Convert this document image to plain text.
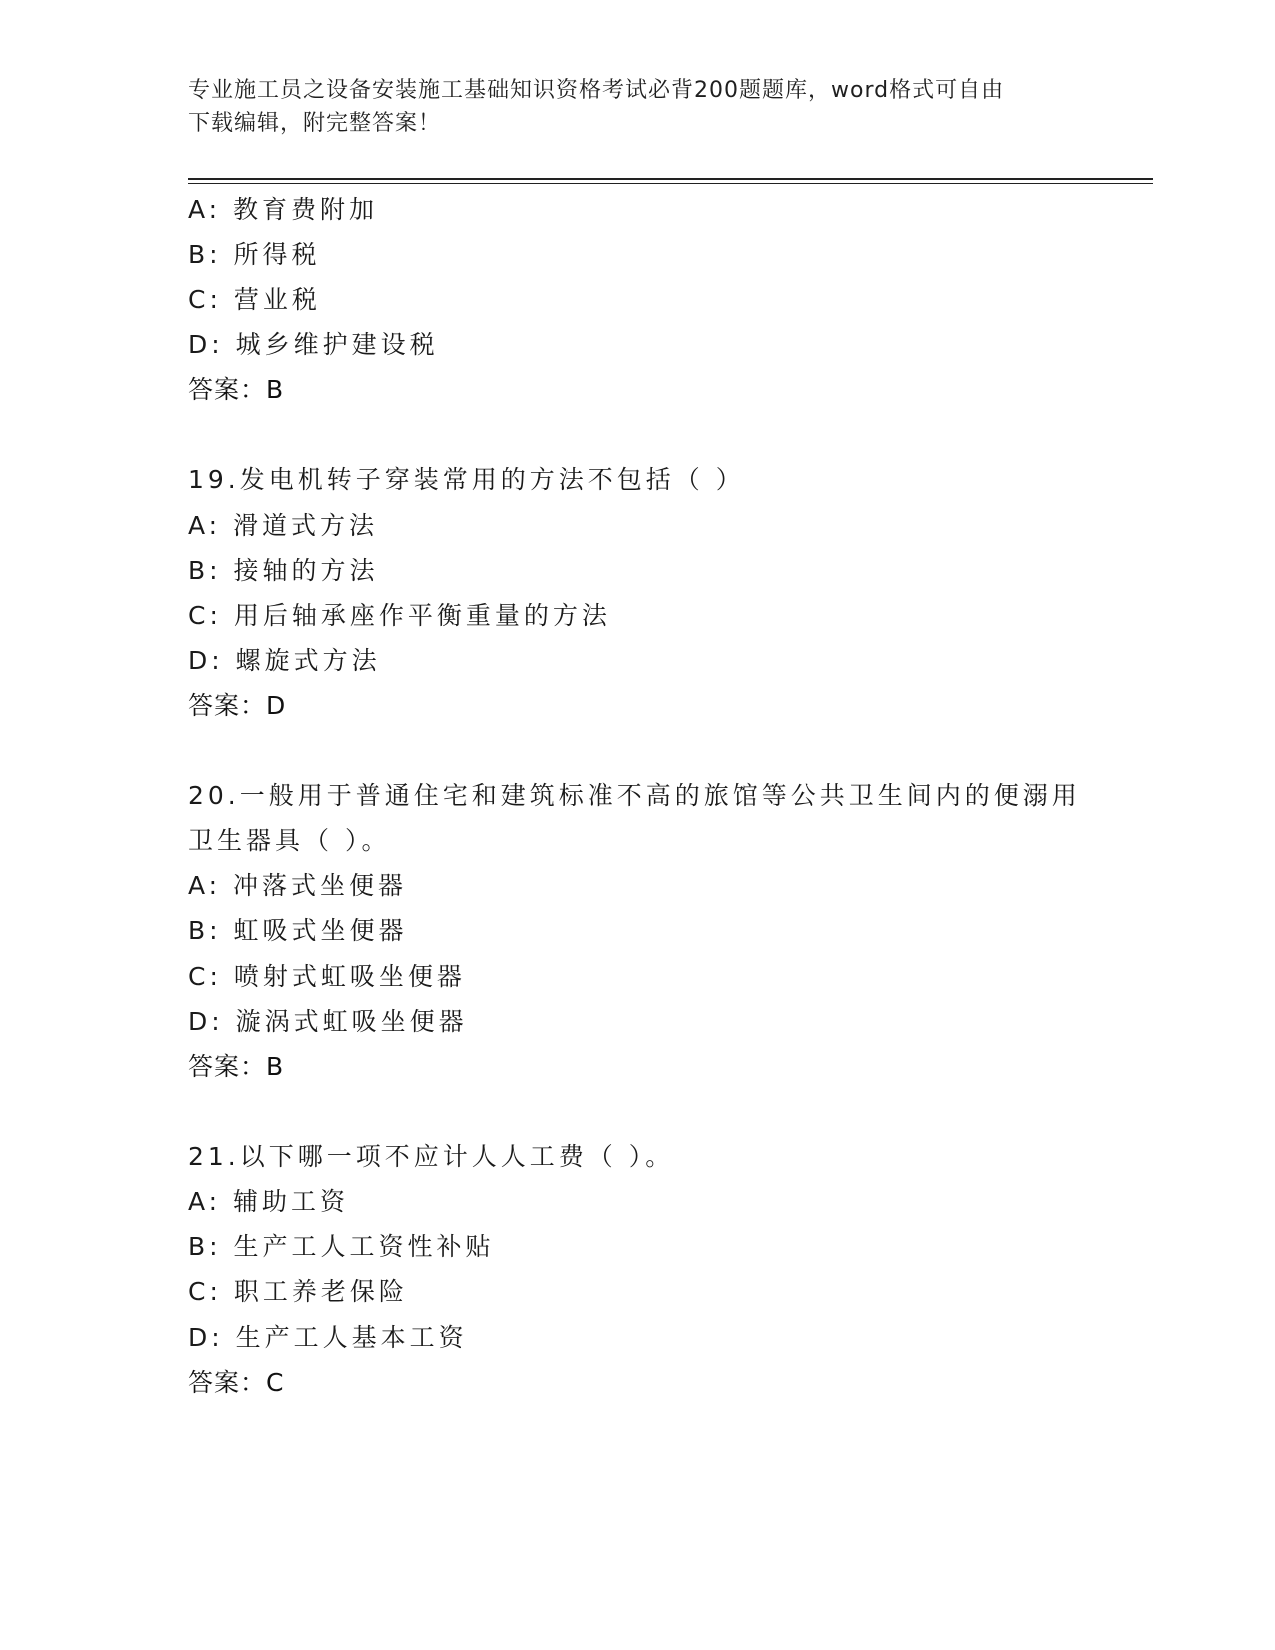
专业施工员之设备安装施工基础知识资格考试必背200题题库，word格式可自由
下载编辑，附完整答案！
A: 教育费附加
B: 所得税
C: 营业税
D: 城乡维护建设税
答案：B
19.发电机转子穿装常用的方法不包括（ ）
A: 滑道式方法
B: 接轴的方法
C: 用后轴承座作平衡重量的方法
D: 螺旋式方法
答案：D
20.一般用于普通住宅和建筑标准不高的旅馆等公共卫生间内的便溺用
卫生器具（ ）。
A: 冲落式坐便器
B: 虹吸式坐便器
C: 喷射式虹吸坐便器
D: 漩涡式虹吸坐便器
答案：B
21.以下哪一项不应计人人工费（ ）。
A: 辅助工资
B: 生产工人工资性补贴
C: 职工养老保险
D: 生产工人基本工资
答案：C
